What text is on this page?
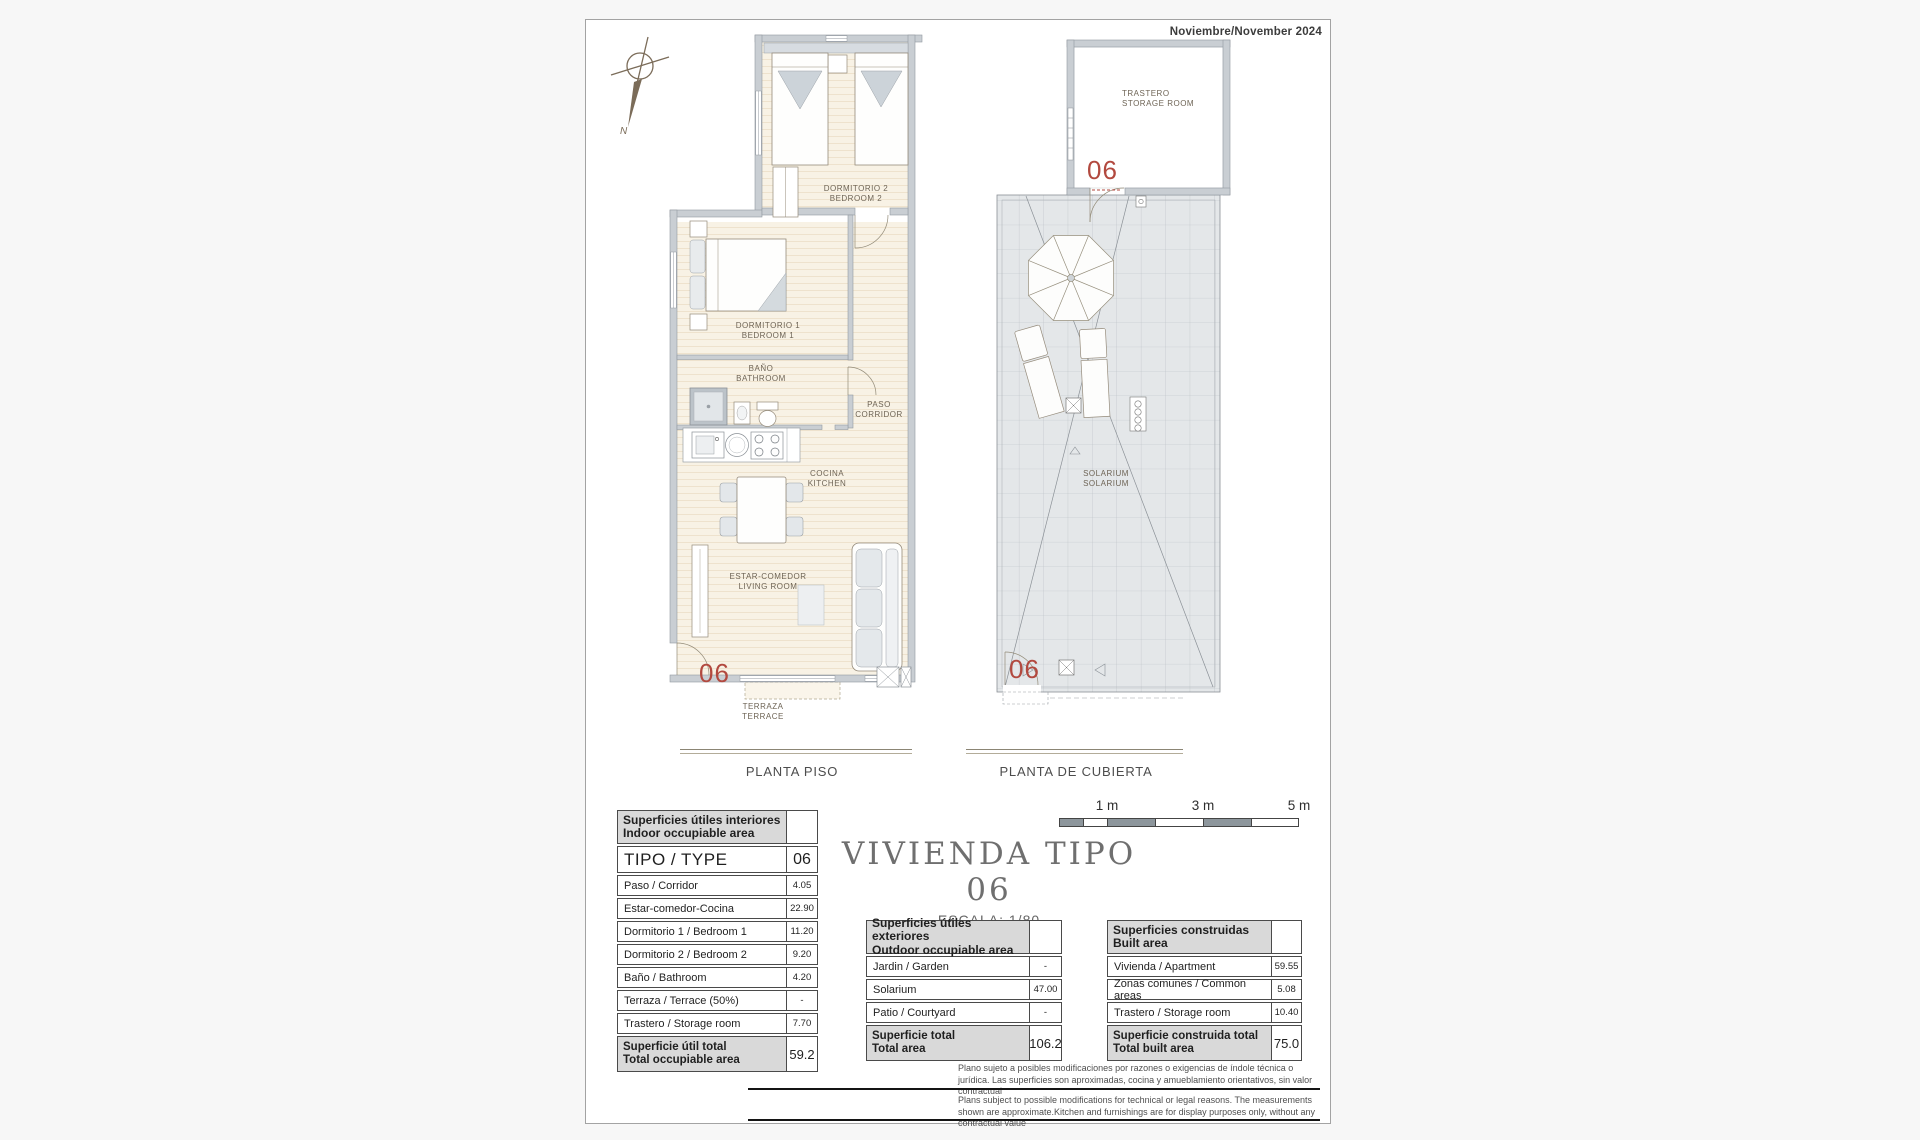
Noviembre/November 2024
N
DORMITORIO 2
BEDROOM 2
DORMITORIO 1
BEDROOM 1
BAÑO
BATHROOM
PASO
CORRIDOR
COCINA
KITCHEN
ESTAR-COMEDOR
LIVING ROOM
TERRAZA
TERRACE
TRASTERO
STORAGE ROOM
SOLARIUM
SOLARIUM
06
06
06
PLANTA PISO	PLANTA DE CUBIERTA
1 m	3 m	5 m
VIVIENDA TIPO 06
Superficies útiles interiores
Indoor occupiable area
TIPO / TYPE	06
Paso / Corridor	4.05
Estar-comedor-Cocina	22.90
Dormitorio 1 / Bedroom 1	11.20
Dormitorio 2 / Bedroom 2	9.20
Baño / Bathroom	4.20
Terraza / Terrace (50%)	-
Trastero / Storage room	7.70
Superficie útil total
Total occupiable area	59.2
Superficies útiles exteriores
Outdoor occupiable area
Jardin / Garden	-
Solarium	47.00
Patio / Courtyard	-
Superficie total
Total area	106.2
Superficies construidas
Built area
Vivienda / Apartment	59.55
Zonas comunes / Common areas	5.08
Trastero / Storage room	10.40
Superficie construida total
Total built area	75.0
Plano sujeto a posibles modificaciones por razones o exigencias de índole técnica o jurídica. Las superficies son aproximadas, cocina y amueblamiento orientativos, sin valor contractual
Plans subject to possible modifications for technical or legal reasons. The measurements shown are approximate.Kitchen and furnishings are for display purposes only, without any contractual value
